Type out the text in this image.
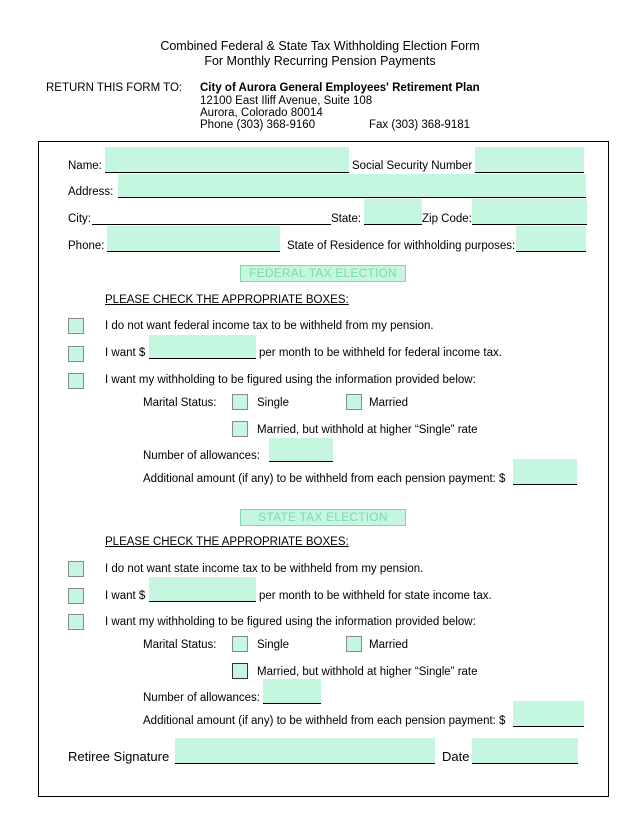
Combined Federal & State Tax Withholding Election Form
For Monthly Recurring Pension Payments
RETURN THIS FORM TO: City of Aurora General Employees' Retirement Plan
12100 East Iliff Avenue, Suite 108
Aurora, Colorado 80014
Phone (303) 368-9160	Fax (303) 368-9181
Name:	Social Security Number
Address:
City:	State:	Zip Code:
Phone:	State of Residence for withholding purposes:
FEDERAL TAX ELECTION
PLEASE CHECK THE APPROPRIATE BOXES:
I do not want federal income tax to be withheld from my pension.
I want $	per month to be withheld for federal income tax.
I want my withholding to be figured using the information provided below:
Marital Status:	Single	Married
Married, but withhold at higher “Single” rate
Number of allowances:
Additional amount (if any) to be withheld from each pension payment: $
STATE TAX ELECTION
PLEASE CHECK THE APPROPRIATE BOXES:
I do not want state income tax to be withheld from my pension.
I want $	per month to be withheld for state income tax.
I want my withholding to be figured using the information provided below:
Marital Status:	Single	Married
Married, but withhold at higher “Single” rate
Number of allowances:
Additional amount (if any) to be withheld from each pension payment: $
Retiree Signature	Date
